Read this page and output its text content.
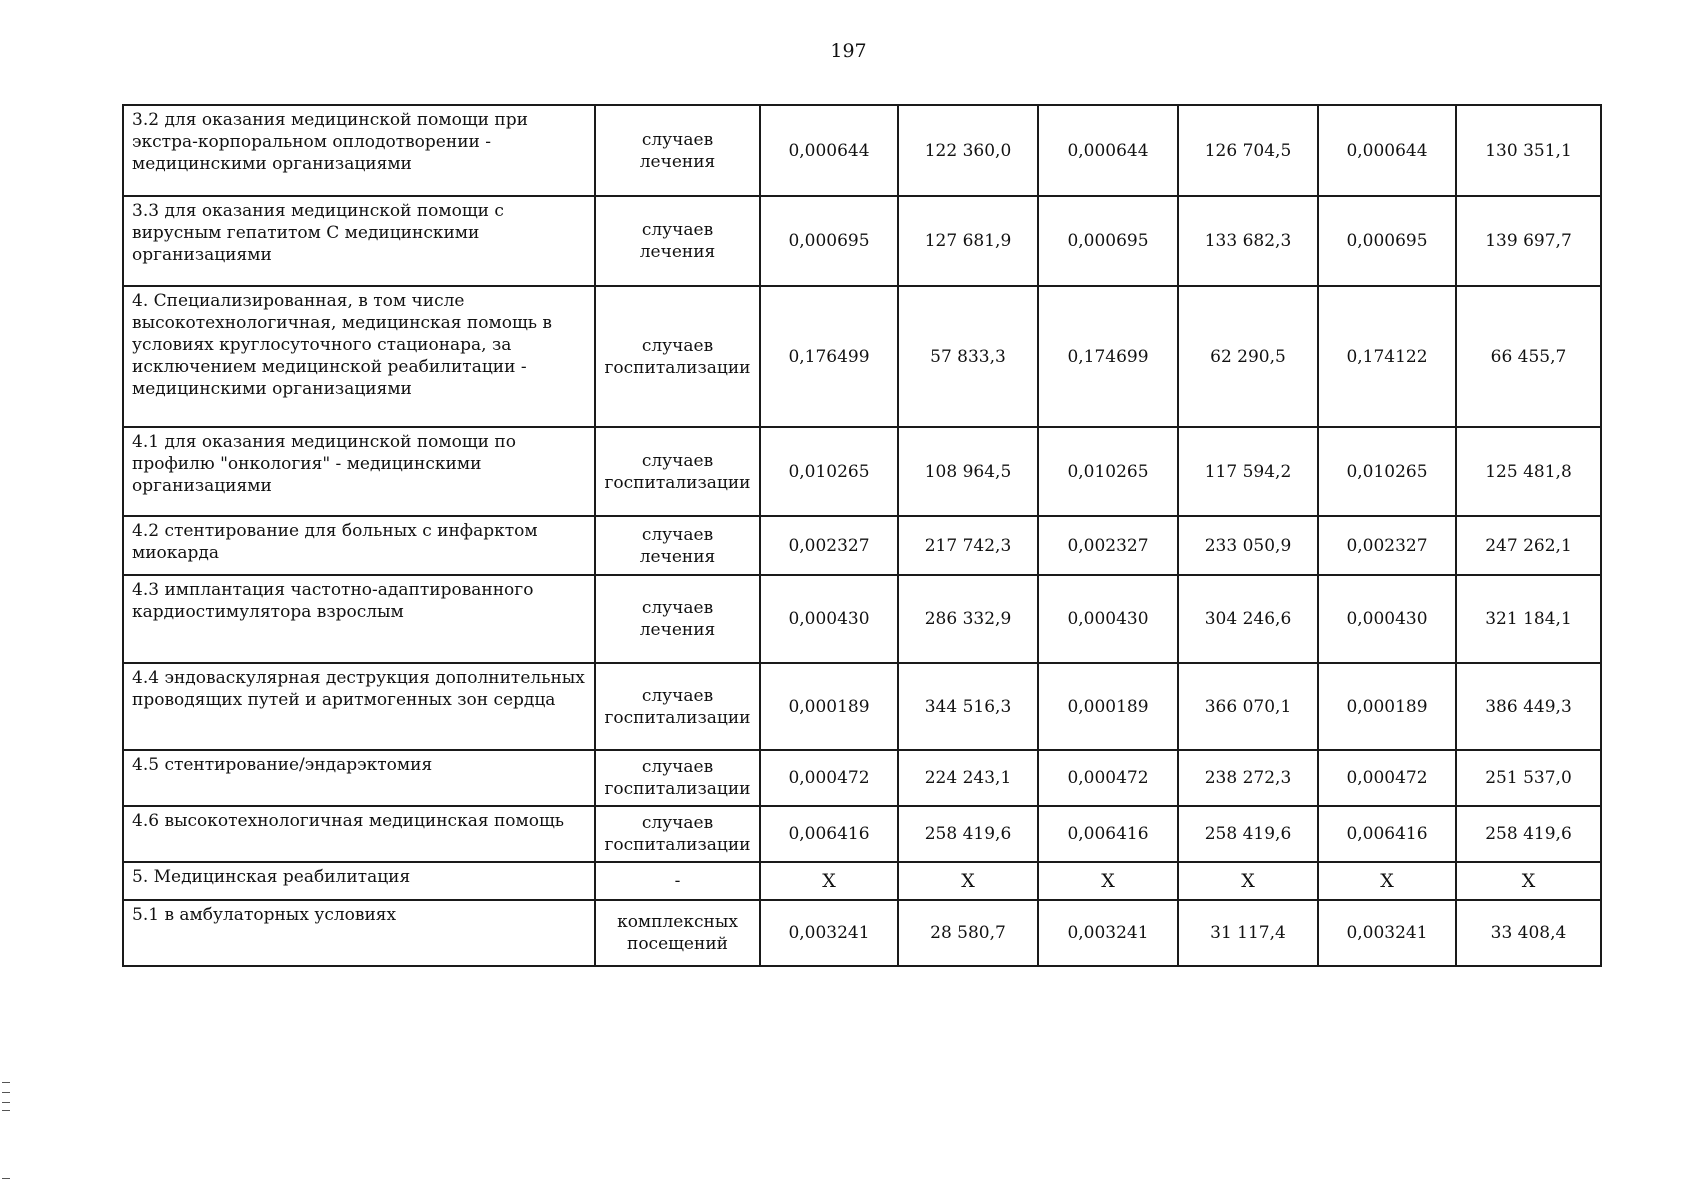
197
3.2 для оказания медицинской помощи при экстра-корпоральном оплодотворении - медицинскими организациями	случаев лечения	0,000644	122 360,0	0,000644	126 704,5	0,000644	130 351,1
3.3 для оказания медицинской помощи с вирусным гепатитом С медицинскими организациями	случаев лечения	0,000695	127 681,9	0,000695	133 682,3	0,000695	139 697,7
4. Специализированная, в том числе высокотехнологичная, медицинская помощь в условиях круглосуточного стационара, за исключением медицинской реабилитации - медицинскими организациями	случаев госпитализации	0,176499	57 833,3	0,174699	62 290,5	0,174122	66 455,7
4.1 для оказания медицинской помощи по профилю "онкология" - медицинскими организациями	случаев госпитализации	0,010265	108 964,5	0,010265	117 594,2	0,010265	125 481,8
4.2 стентирование для больных с инфарктом миокарда	случаев лечения	0,002327	217 742,3	0,002327	233 050,9	0,002327	247 262,1
4.3 имплантация частотно-адаптированного кардиостимулятора взрослым	случаев лечения	0,000430	286 332,9	0,000430	304 246,6	0,000430	321 184,1
4.4 эндоваскулярная деструкция дополнительных проводящих путей и аритмогенных зон сердца	случаев госпитализации	0,000189	344 516,3	0,000189	366 070,1	0,000189	386 449,3
4.5 стентирование/эндарэктомия	случаев госпитализации	0,000472	224 243,1	0,000472	238 272,3	0,000472	251 537,0
4.6 высокотехнологичная медицинская помощь	случаев госпитализации	0,006416	258 419,6	0,006416	258 419,6	0,006416	258 419,6
5. Медицинская реабилитация	-	X	X	X	X	X	X
5.1 в амбулаторных условиях	комплексных посещений	0,003241	28 580,7	0,003241	31 117,4	0,003241	33 408,4
